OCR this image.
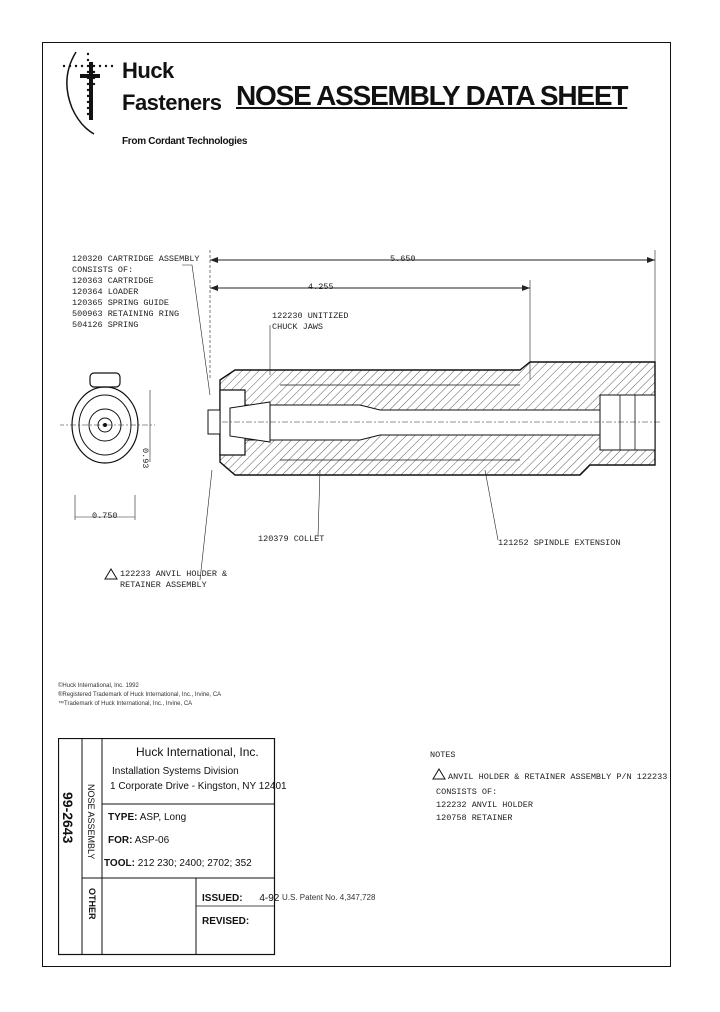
Huck
Fasteners
From Cordant Technologies
NOSE ASSEMBLY DATA SHEET
120320 CARTRIDGE ASSEMBLY
CONSISTS OF:
120363 CARTRIDGE
120364 LOADER
120365 SPRING GUIDE
500963 RETAINING RING
504126 SPRING
5.650
4.255
122230 UNITIZED
CHUCK JAWS
120379 COLLET	121252 SPINDLE EXTENSION
0.750
0.93
122233 ANVIL HOLDER &
RETAINER ASSEMBLY
©Huck International, Inc. 1992
®Registered Trademark of Huck International, Inc., Irvine, CA
™Trademark of Huck International, Inc., Irvine, CA
99-2643 NOSE ASSEMBLY
OTHER
Huck International, Inc.
Installation Systems Division
1 Corporate Drive - Kingston, NY 12401
TYPE: ASP, Long
FOR: ASP-06
TOOL: 212 230; 2400; 2702; 352
ISSUED: 4-92
REVISED:
U.S. Patent No. 4,347,728
NOTES
ANVIL HOLDER & RETAINER ASSEMBLY P/N 122233
CONSISTS OF:
122232 ANVIL HOLDER
120758 RETAINER
